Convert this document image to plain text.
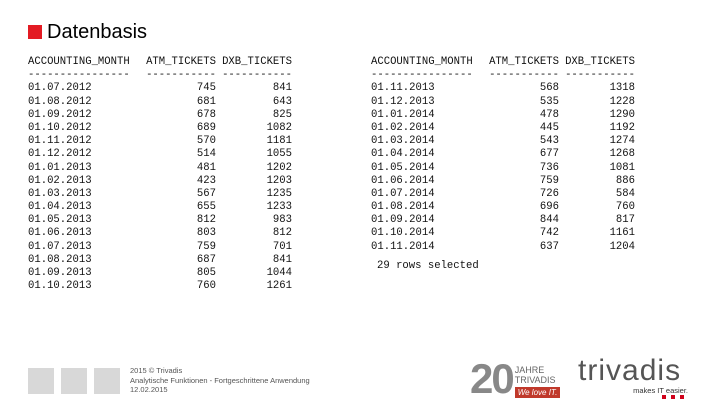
Datenbasis
ACCOUNTING_MONTH ATM_TICKETS DXB_TICKETS
---------------- ----------- -----------
01.07.2012	745	841
01.08.2012	681	643
01.09.2012	678	825
01.10.2012	689	1082
01.11.2012	570	1181
01.12.2012	514	1055
01.01.2013	481	1202
01.02.2013	423	1203
01.03.2013	567	1235
01.04.2013	655	1233
01.05.2013	812	983
01.06.2013	803	812
01.07.2013	759	701
01.08.2013	687	841
01.09.2013	805	1044
01.10.2013	760	1261
ACCOUNTING_MONTH ATM_TICKETS DXB_TICKETS
---------------- ----------- -----------
01.11.2013	568	1318
01.12.2013	535	1228
01.01.2014	478	1290
01.02.2014	445	1192
01.03.2014	543	1274
01.04.2014	677	1268
01.05.2014	736	1081
01.06.2014	759	886
01.07.2014	726	584
01.08.2014	696	760
01.09.2014	844	817
01.10.2014	742	1161
01.11.2014	637	1204
29 rows selected
2015 © Trivadis
Analytische Funktionen - Fortgeschrittene Anwendung
12.02.2015	20 JAHRE
TRIVADIS
We love IT.
trivadis
makes IT easier.
